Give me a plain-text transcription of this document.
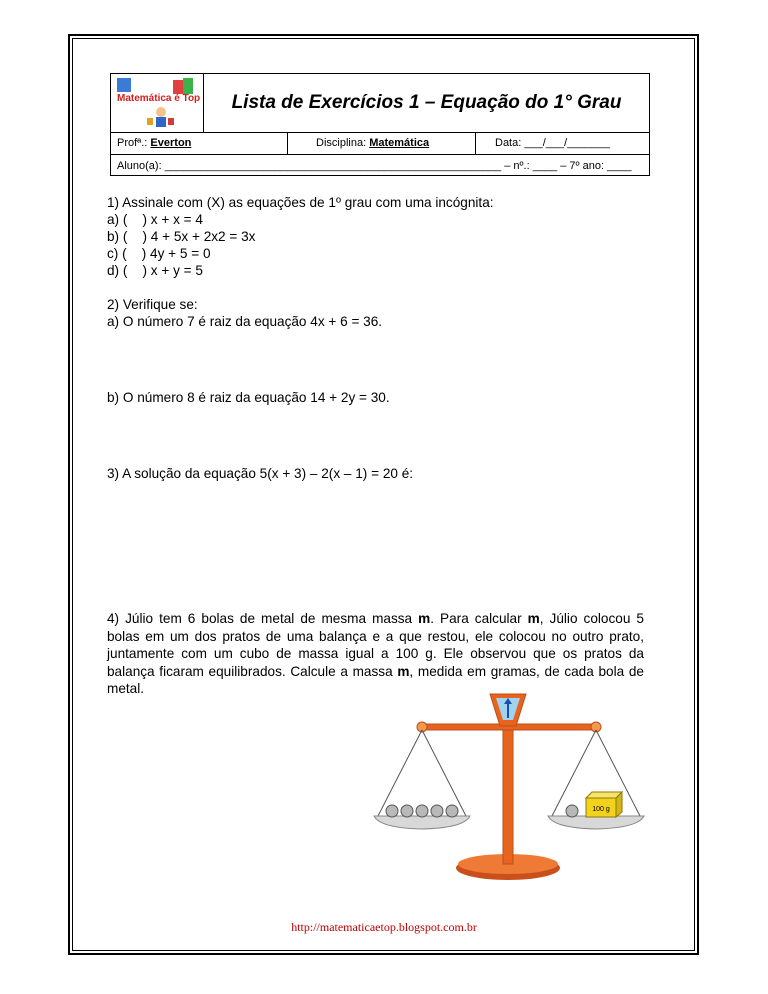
Matemática é Top	Lista de Exercícios 1 – Equação do 1° Grau
Profª.: Everton	Disciplina: Matemática	Data: ___/___/_______
Aluno(a): _______________________________________________________ – nº.: ____ – 7º ano: ____

1) Assinale com (X) as equações de 1º grau com uma incógnita:

a) (    ) x + x = 4

b) (    ) 4 + 5x + 2x2 = 3x

c) (    ) 4y + 5 = 0

d) (    ) x + y = 5

2) Verifique se:

a) O número 7 é raiz da equação 4x + 6 = 36.

b) O número 8 é raiz da equação 14 + 2y = 30.

3) A solução da equação 5(x + 3) – 2(x – 1) = 20 é:

4) Júlio tem 6 bolas de metal de mesma massa m. Para calcular m, Júlio colocou 5 bolas em um dos pratos de uma balança e a que restou, ele colocou no outro prato, juntamente com um cubo de massa igual a 100 g. Ele observou que os pratos da balança ficaram equilibrados. Calcule a massa m, medida em gramas, de cada bola de metal.
100 g
http://matematicaetop.blogspot.com.br
